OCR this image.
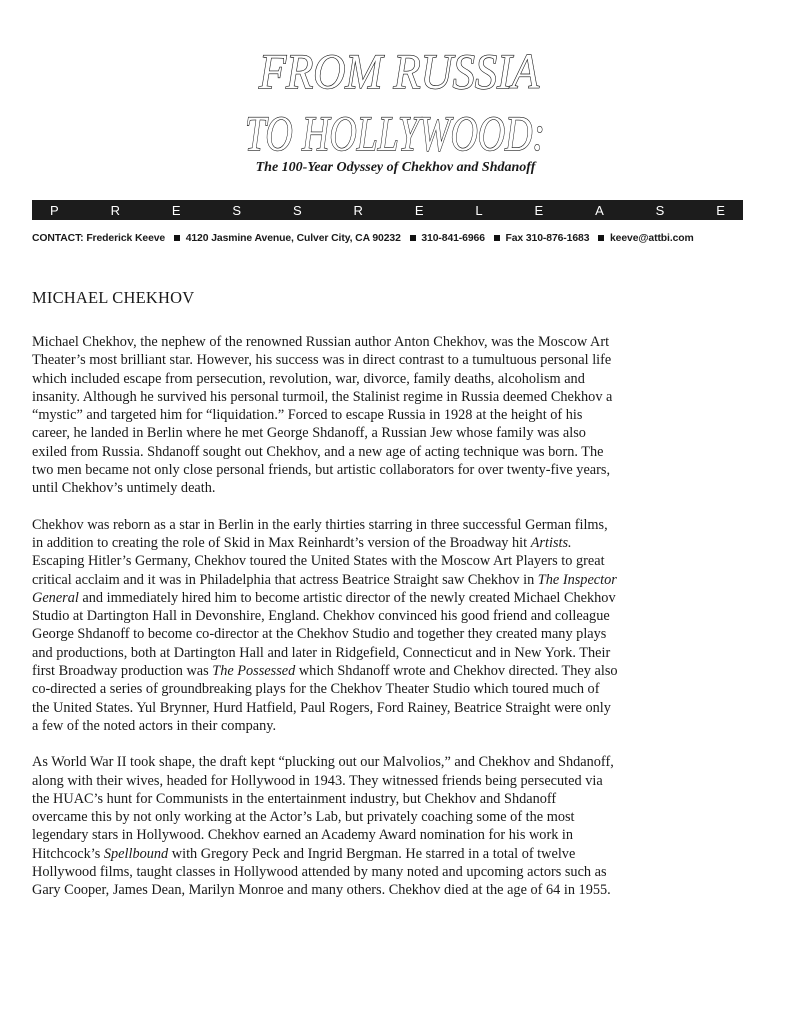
FROM RUSSIA
TO HOLLYWOOD:
The 100-Year Odyssey of Chekhov and Shdanoff
P	R	E	S	S	R	E	L	E	A	S	E
CONTACT: Frederick Keeve 4120 Jasmine Avenue, Culver City, CA 90232 310-841-6966 Fax 310-876-1683 keeve@attbi.com
MICHAEL CHEKHOV

Michael Chekhov, the nephew of the renowned Russian author Anton Chekhov, was the Moscow Art
Theater’s most brilliant star. However, his success was in direct contrast to a tumultuous personal life
which included escape from persecution, revolution, war, divorce, family deaths, alcoholism and
insanity. Although he survived his personal turmoil, the Stalinist regime in Russia deemed Chekhov a
“mystic” and targeted him for “liquidation.” Forced to escape Russia in 1928 at the height of his
career, he landed in Berlin where he met George Shdanoff, a Russian Jew whose family was also
exiled from Russia. Shdanoff sought out Chekhov, and a new age of acting technique was born. The
two men became not only close personal friends, but artistic collaborators for over twenty-five years,
until Chekhov’s untimely death.

Chekhov was reborn as a star in Berlin in the early thirties starring in three successful German films,
in addition to creating the role of Skid in Max Reinhardt’s version of the Broadway hit Artists.
Escaping Hitler’s Germany, Chekhov toured the United States with the Moscow Art Players to great
critical acclaim and it was in Philadelphia that actress Beatrice Straight saw Chekhov in The Inspector
General and immediately hired him to become artistic director of the newly created Michael Chekhov
Studio at Dartington Hall in Devonshire, England. Chekhov convinced his good friend and colleague
George Shdanoff to become co-director at the Chekhov Studio and together they created many plays
and productions, both at Dartington Hall and later in Ridgefield, Connecticut and in New York. Their
first Broadway production was The Possessed which Shdanoff wrote and Chekhov directed. They also
co-directed a series of groundbreaking plays for the Chekhov Theater Studio which toured much of
the United States. Yul Brynner, Hurd Hatfield, Paul Rogers, Ford Rainey, Beatrice Straight were only
a few of the noted actors in their company.

As World War II took shape, the draft kept “plucking out our Malvolios,” and Chekhov and Shdanoff,
along with their wives, headed for Hollywood in 1943. They witnessed friends being persecuted via
the HUAC’s hunt for Communists in the entertainment industry, but Chekhov and Shdanoff
overcame this by not only working at the Actor’s Lab, but privately coaching some of the most
legendary stars in Hollywood. Chekhov earned an Academy Award nomination for his work in
Hitchcock’s Spellbound with Gregory Peck and Ingrid Bergman. He starred in a total of twelve
Hollywood films, taught classes in Hollywood attended by many noted and upcoming actors such as
Gary Cooper, James Dean, Marilyn Monroe and many others. Chekhov died at the age of 64 in 1955.
